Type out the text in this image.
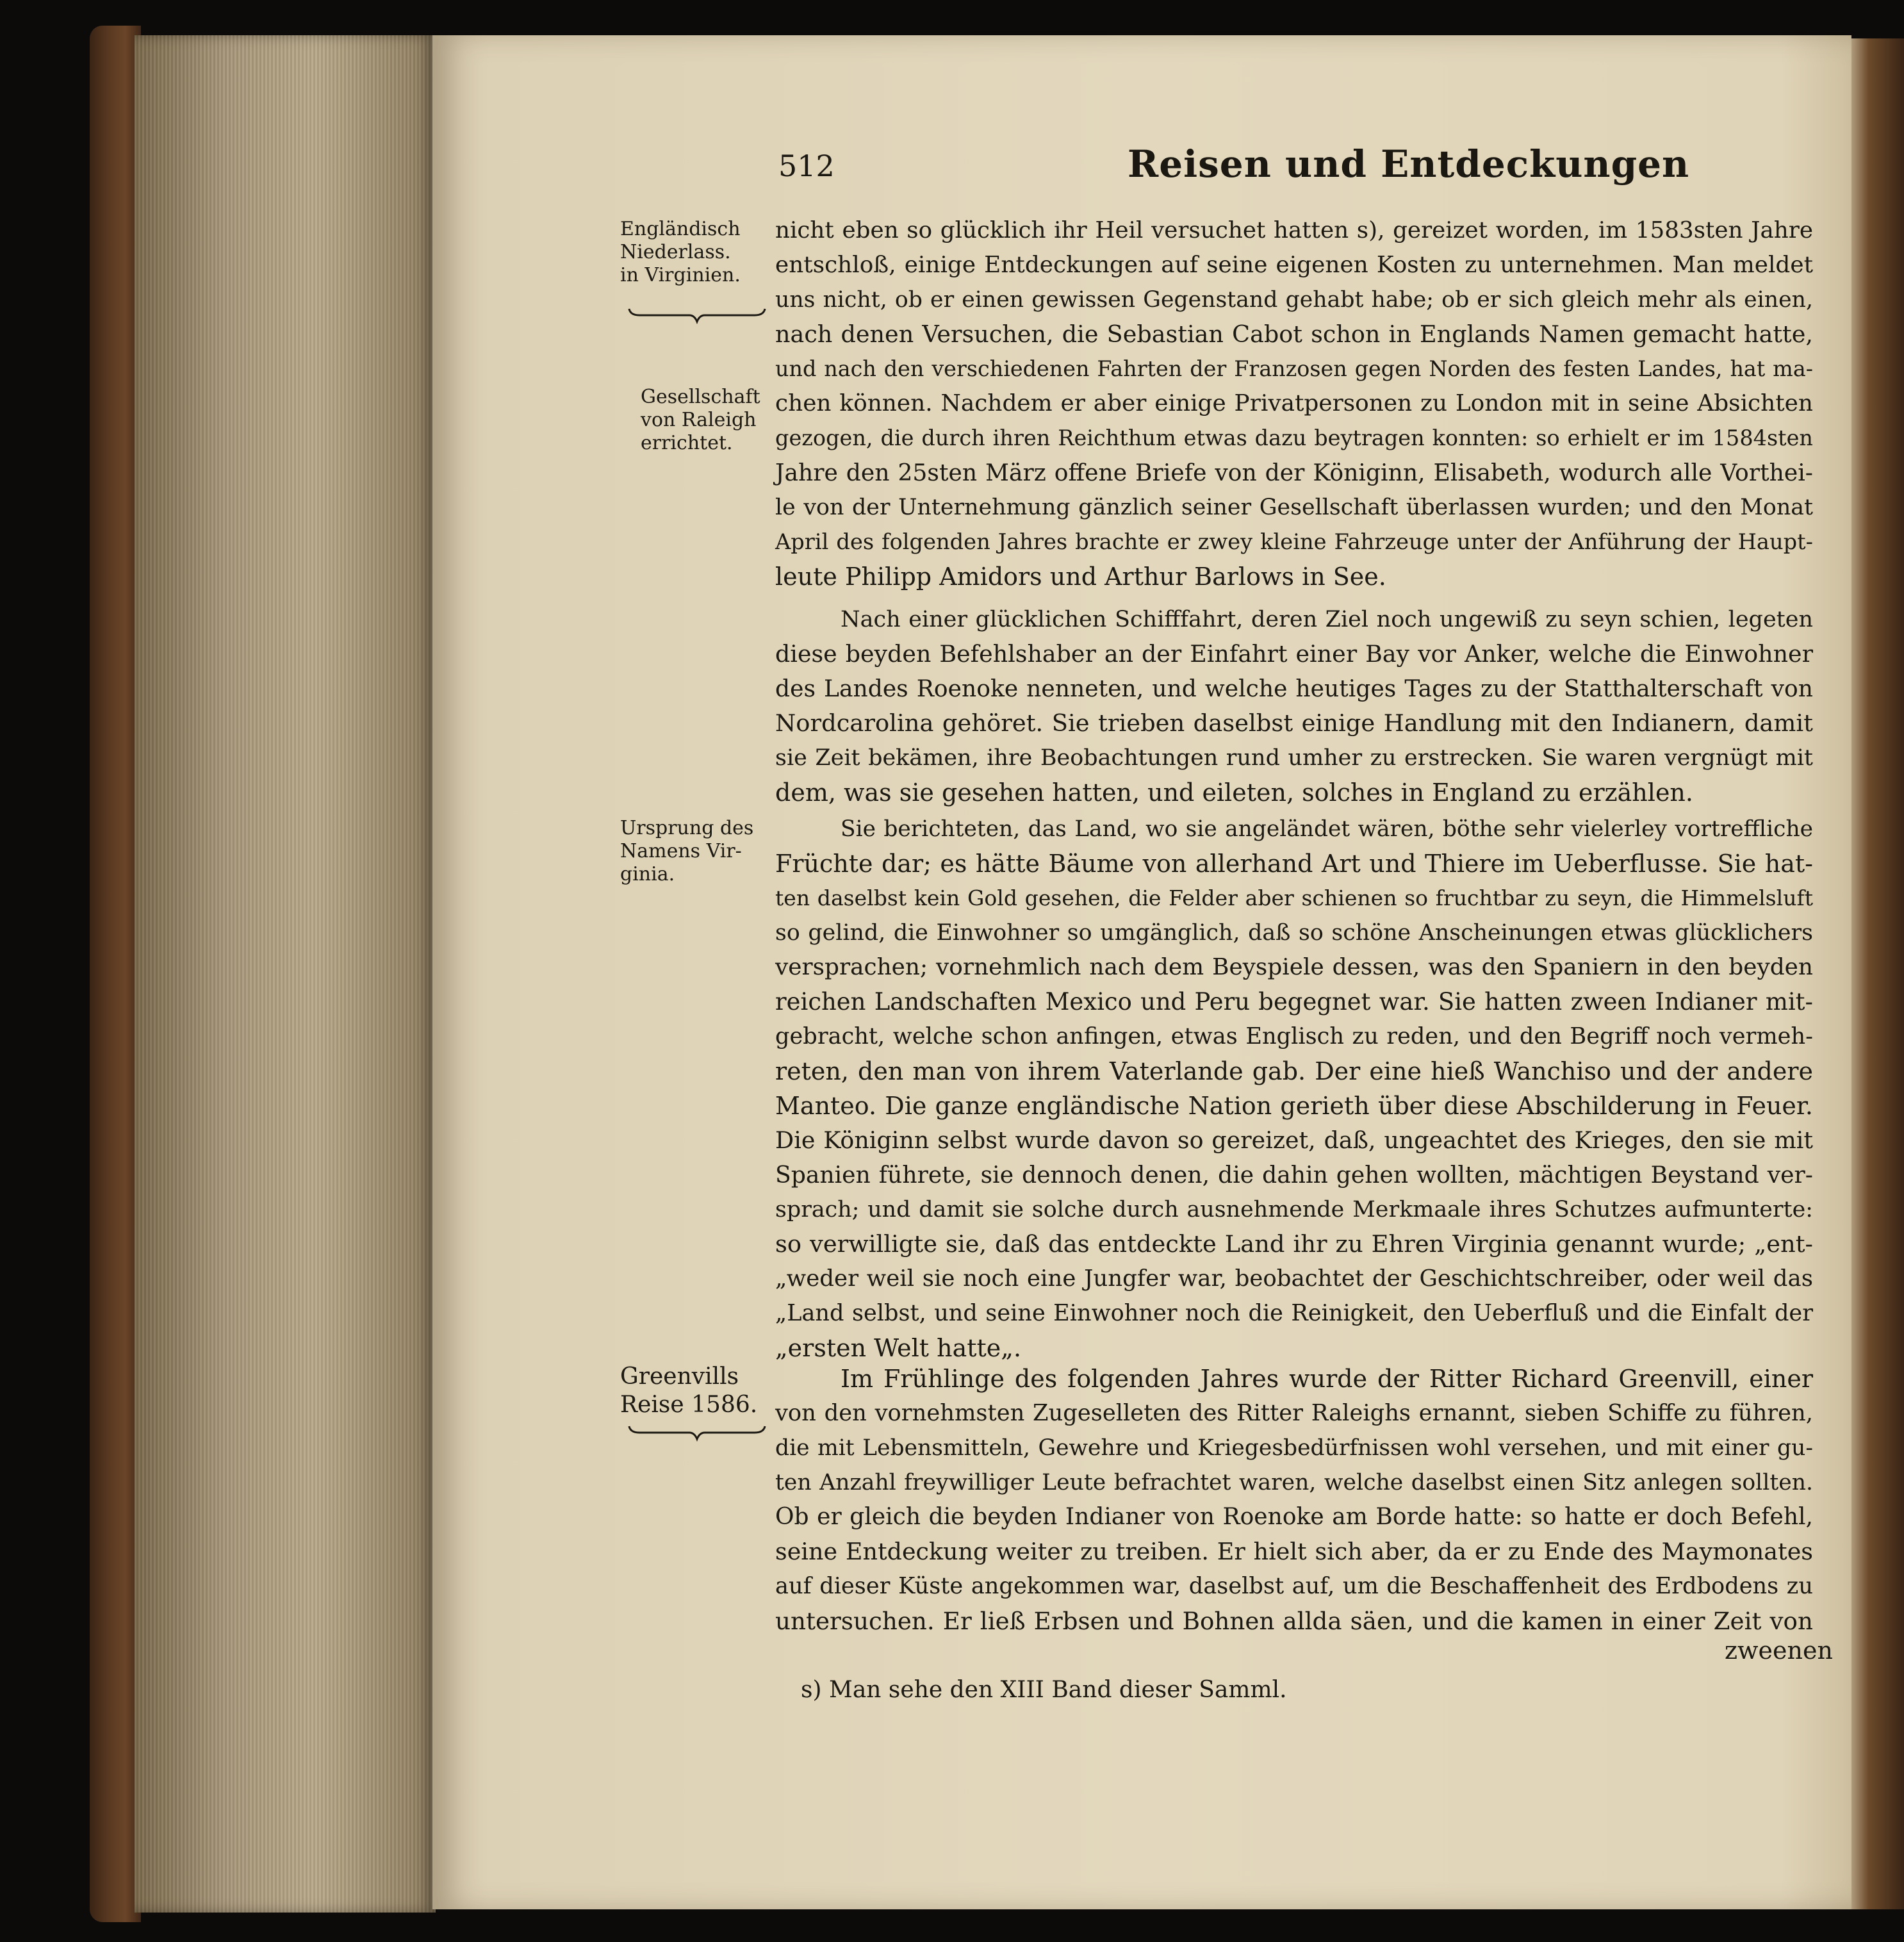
512	Reisen und Entdeckungen
Engländisch
Niederlass.
in Virginien.
Gesellschaft
von Raleigh
errichtet.
Ursprung des
Namens Vir-
ginia.
Greenvills
Reise 1586.
nicht eben so glücklich ihr Heil versuchet hatten s), gereizet worden, im 1583sten Jahre
entschloß, einige Entdeckungen auf seine eigenen Kosten zu unternehmen. Man meldet
uns nicht, ob er einen gewissen Gegenstand gehabt habe; ob er sich gleich mehr als einen,
nach denen Versuchen, die Sebastian Cabot schon in Englands Namen gemacht hatte,
und nach den verschiedenen Fahrten der Franzosen gegen Norden des festen Landes, hat ma-
chen können. Nachdem er aber einige Privatpersonen zu London mit in seine Absichten
gezogen, die durch ihren Reichthum etwas dazu beytragen konnten: so erhielt er im 1584sten
Jahre den 25sten März offene Briefe von der Königinn, Elisabeth, wodurch alle Vorthei-
le von der Unternehmung gänzlich seiner Gesellschaft überlassen wurden; und den Monat
April des folgenden Jahres brachte er zwey kleine Fahrzeuge unter der Anführung der Haupt-
leute Philipp Amidors und Arthur Barlows in See.
Nach einer glücklichen Schifffahrt, deren Ziel noch ungewiß zu seyn schien, legeten
diese beyden Befehlshaber an der Einfahrt einer Bay vor Anker, welche die Einwohner
des Landes Roenoke nenneten, und welche heutiges Tages zu der Statthalterschaft von
Nordcarolina gehöret. Sie trieben daselbst einige Handlung mit den Indianern, damit
sie Zeit bekämen, ihre Beobachtungen rund umher zu erstrecken. Sie waren vergnügt mit
dem, was sie gesehen hatten, und eileten, solches in England zu erzählen.
Sie berichteten, das Land, wo sie angeländet wären, böthe sehr vielerley vortreffliche
Früchte dar; es hätte Bäume von allerhand Art und Thiere im Ueberflusse. Sie hat-
ten daselbst kein Gold gesehen, die Felder aber schienen so fruchtbar zu seyn, die Himmelsluft
so gelind, die Einwohner so umgänglich, daß so schöne Anscheinungen etwas glücklichers
versprachen; vornehmlich nach dem Beyspiele dessen, was den Spaniern in den beyden
reichen Landschaften Mexico und Peru begegnet war. Sie hatten zween Indianer mit-
gebracht, welche schon anfingen, etwas Englisch zu reden, und den Begriff noch vermeh-
reten, den man von ihrem Vaterlande gab. Der eine hieß Wanchiso und der andere
Manteo. Die ganze engländische Nation gerieth über diese Abschilderung in Feuer.
Die Königinn selbst wurde davon so gereizet, daß, ungeachtet des Krieges, den sie mit
Spanien führete, sie dennoch denen, die dahin gehen wollten, mächtigen Beystand ver-
sprach; und damit sie solche durch ausnehmende Merkmaale ihres Schutzes aufmunterte:
so verwilligte sie, daß das entdeckte Land ihr zu Ehren Virginia genannt wurde; „ent-
„weder weil sie noch eine Jungfer war, beobachtet der Geschichtschreiber, oder weil das
„Land selbst, und seine Einwohner noch die Reinigkeit, den Ueberfluß und die Einfalt der
„ersten Welt hatte„.
Im Frühlinge des folgenden Jahres wurde der Ritter Richard Greenvill, einer
von den vornehmsten Zugeselleten des Ritter Raleighs ernannt, sieben Schiffe zu führen,
die mit Lebensmitteln, Gewehre und Kriegesbedürfnissen wohl versehen, und mit einer gu-
ten Anzahl freywilliger Leute befrachtet waren, welche daselbst einen Sitz anlegen sollten.
Ob er gleich die beyden Indianer von Roenoke am Borde hatte: so hatte er doch Befehl,
seine Entdeckung weiter zu treiben. Er hielt sich aber, da er zu Ende des Maymonates
auf dieser Küste angekommen war, daselbst auf, um die Beschaffenheit des Erdbodens zu
untersuchen. Er ließ Erbsen und Bohnen allda säen, und die kamen in einer Zeit von
zweenen
s) Man sehe den XIII Band dieser Samml.
